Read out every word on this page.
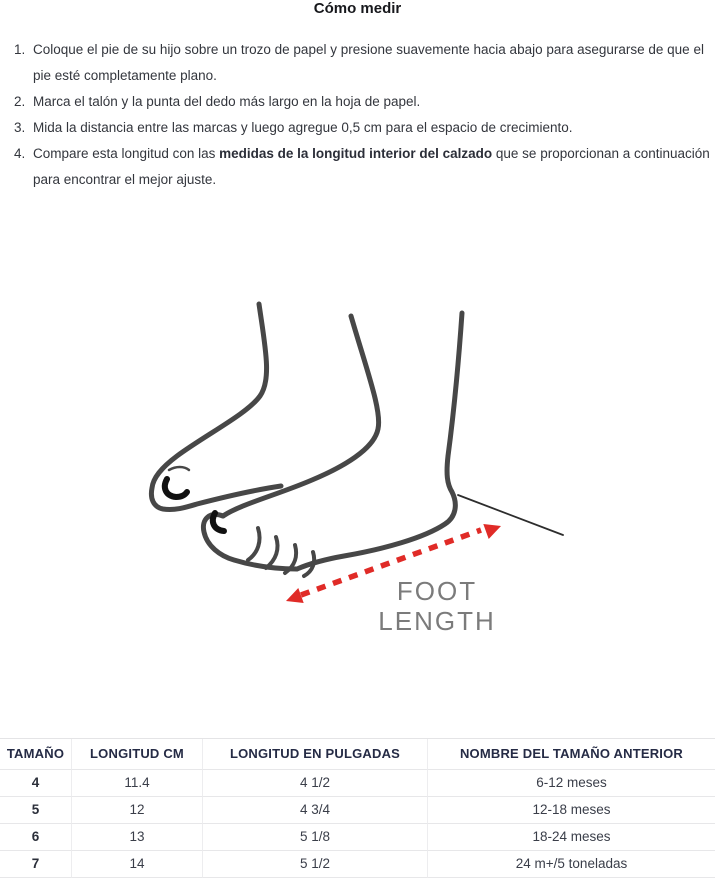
Cómo medir
1. Coloque el pie de su hijo sobre un trozo de papel y presione suavemente hacia abajo para asegurarse de que el pie esté completamente plano.
2. Marca el talón y la punta del dedo más largo en la hoja de papel.
3. Mida la distancia entre las marcas y luego agregue 0,5 cm para el espacio de crecimiento.
4. Compare esta longitud con las medidas de la longitud interior del calzado que se proporcionan a continuación para encontrar el mejor ajuste.
FOOT
LENGTH
TAMAÑO	LONGITUD CM	LONGITUD EN PULGADAS	NOMBRE DEL TAMAÑO ANTERIOR
4	11.4	4 1/2	6-12 meses
5	12	4 3/4	12-18 meses
6	13	5 1/8	18-24 meses
7	14	5 1/2	24 m+/5 toneladas
